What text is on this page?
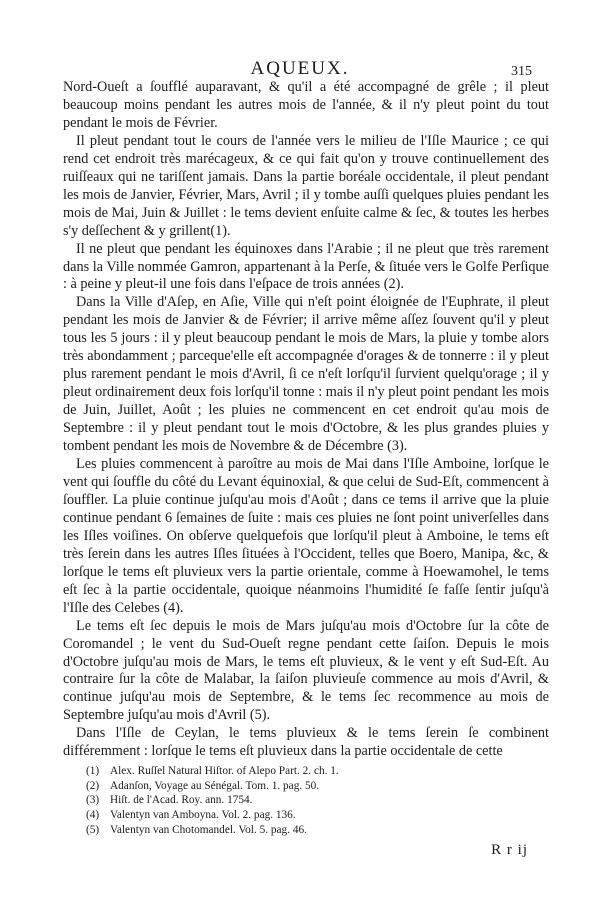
AQUEUX.	315

Nord-Oueſt a ſoufflé auparavant, & qu'il a été accompagné de grêle ; il pleut beaucoup moins pendant les autres mois de l'année, & il n'y pleut point du tout pendant le mois de Février.

Il pleut pendant tout le cours de l'année vers le milieu de l'Iſle Maurice ; ce qui rend cet endroit très marécageux, & ce qui fait qu'on y trouve continuellement des ruiſſeaux qui ne tariſſent jamais. Dans la partie boréale occidentale, il pleut pendant les mois de Janvier, Février, Mars, Avril ; il y tombe auſſi quelques pluies pendant les mois de Mai, Juin & Juillet : le tems devient enſuite calme & ſec, & toutes les herbes s'y deſſechent & y grillent(1).

Il ne pleut que pendant les équinoxes dans l'Arabie ; il ne pleut que très rarement dans la Ville nommée Gamron, appartenant à la Perſe, & ſituée vers le Golfe Perſique : à peine y pleut-il une fois dans l'eſpace de trois années (2).

Dans la Ville d'Aſep, en Aſie, Ville qui n'eſt point éloignée de l'Euphrate, il pleut pendant les mois de Janvier & de Février; il arrive même aſſez ſouvent qu'il y pleut tous les 5 jours : il y pleut beaucoup pendant le mois de Mars, la pluie y tombe alors très abondamment ; parceque'elle eſt accompagnée d'orages & de tonnerre : il y pleut plus rarement pendant le mois d'Avril, ſi ce n'eſt lorſqu'il ſurvient quelqu'orage ; il y pleut ordinairement deux fois lorſqu'il tonne : mais il n'y pleut point pendant les mois de Juin, Juillet, Août ; les pluies ne commencent en cet endroit qu'au mois de Septembre : il y pleut pendant tout le mois d'Octobre, & les plus grandes pluies y tombent pendant les mois de Novembre & de Décembre (3).

Les pluies commencent à paroître au mois de Mai dans l'Iſle Amboine, lorſque le vent qui ſouffle du côté du Levant équinoxial, & que celui de Sud-Eſt, commencent à ſouffler. La pluie continue juſqu'au mois d'Août ; dans ce tems il arrive que la pluie continue pendant 6 ſemaines de ſuite : mais ces pluies ne ſont point univerſelles dans les Iſles voiſines. On obſerve quelquefois que lorſqu'il pleut à Amboine, le tems eſt très ſerein dans les autres Iſles ſituées à l'Occident, telles que Boero, Manipa, &c, & lorſque le tems eſt pluvieux vers la partie orientale, comme à Hoewamohel, le tems eſt ſec à la partie occidentale, quoique néanmoins l'humidité ſe faſſe ſentir juſqu'à l'Iſle des Celebes (4).

Le tems eſt ſec depuis le mois de Mars juſqu'au mois d'Octobre ſur la côte de Coromandel ; le vent du Sud-Oueſt regne pendant cette ſaiſon. Depuis le mois d'Octobre juſqu'au mois de Mars, le tems eſt pluvieux, & le vent y eſt Sud-Eſt. Au contraire ſur la côte de Malabar, la ſaiſon pluvieuſe commence au mois d'Avril, & continue juſqu'au mois de Septembre, & le tems ſec recommence au mois de Septembre juſqu'au mois d'Avril (5).

Dans l'Iſle de Ceylan, le tems pluvieux & le tems ſerein ſe combinent différemment : lorſque le tems eſt pluvieux dans la partie occidentale de cette

(1) Alex. Ruſſel Natural Hiſtor. of Alepo Part. 2. ch. 1.
(2) Adanſon, Voyage au Sénégal. Tom. 1. pag. 50.
(3) Hiſt. de l'Acad. Roy. ann. 1754.
(4) Valentyn van Amboyna. Vol. 2. pag. 136.
(5) Valentyn van Chotomandel. Vol. 5. pag. 46.
R r ij
